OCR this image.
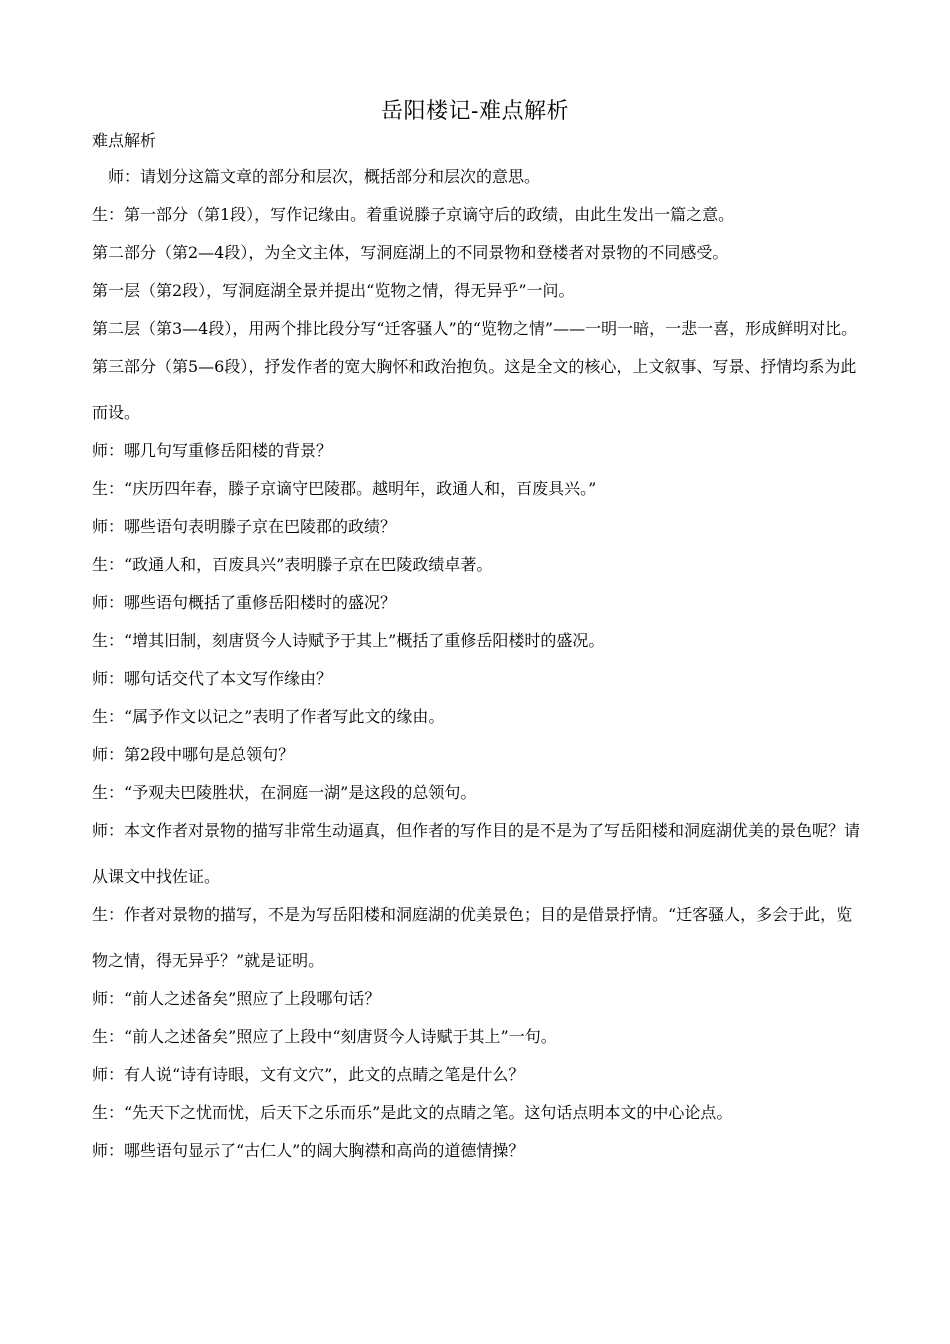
岳阳楼记-难点解析
难点解析

师：请划分这篇文章的部分和层次，概括部分和层次的意思。

生：第一部分（第1段），写作记缘由。着重说滕子京谪守后的政绩，由此生发出一篇之意。

第二部分（第2—4段），为全文主体，写洞庭湖上的不同景物和登楼者对景物的不同感受。

第一层（第2段），写洞庭湖全景并提出“览物之情，得无异乎”一问。

第二层（第3—4段），用两个排比段分写“迁客骚人”的“览物之情”——一明一暗，一悲一喜，形成鲜明对比。

第三部分（第5—6段），抒发作者的宽大胸怀和政治抱负。这是全文的核心，上文叙事、写景、抒情均系为此而设。

师：哪几句写重修岳阳楼的背景？

生：“庆历四年春，滕子京谪守巴陵郡。越明年，政通人和，百废具兴。”

师：哪些语句表明滕子京在巴陵郡的政绩？

生：“政通人和，百废具兴”表明滕子京在巴陵政绩卓著。

师：哪些语句概括了重修岳阳楼时的盛况？

生：“增其旧制，刻唐贤今人诗赋予于其上”概括了重修岳阳楼时的盛况。

师：哪句话交代了本文写作缘由？

生：“属予作文以记之”表明了作者写此文的缘由。

师：第2段中哪句是总领句？

生：“予观夫巴陵胜状，在洞庭一湖”是这段的总领句。

师：本文作者对景物的描写非常生动逼真，但作者的写作目的是不是为了写岳阳楼和洞庭湖优美的景色呢？请从课文中找佐证。

生：作者对景物的描写，不是为写岳阳楼和洞庭湖的优美景色；目的是借景抒情。“迁客骚人，多会于此，览物之情，得无异乎？”就是证明。

师：“前人之述备矣”照应了上段哪句话？

生：“前人之述备矣”照应了上段中“刻唐贤今人诗赋于其上”一句。

师：有人说“诗有诗眼，文有文穴”，此文的点睛之笔是什么？

生：“先天下之忧而忧，后天下之乐而乐”是此文的点睛之笔。这句话点明本文的中心论点。

师：哪些语句显示了“古仁人”的阔大胸襟和高尚的道德情操？
